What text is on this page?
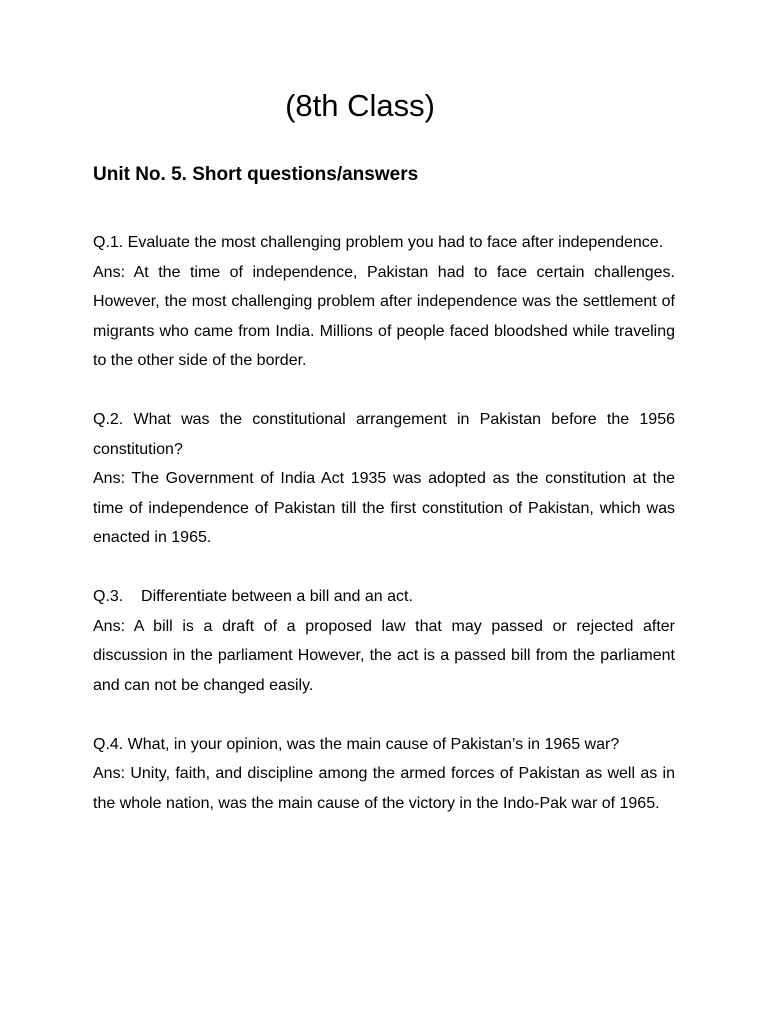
(8th Class)
Unit No. 5. Short questions/answers

Q.1. Evaluate the most challenging problem you had to face after independence.

Ans: At the time of independence, Pakistan had to face certain challenges. However, the most challenging problem after independence was the settlement of migrants who came from India. Millions of people faced bloodshed while traveling to the other side of the border.

Q.2. What was the constitutional arrangement in Pakistan before the 1956 constitution?

Ans: The Government of India Act 1935 was adopted as the constitution at the time of independence of Pakistan till the first constitution of Pakistan, which was enacted in 1965.

Q.3.    Differentiate between a bill and an act.

Ans: A bill is a draft of a proposed law that may passed or rejected after discussion in the parliament However, the act is a passed bill from the parliament and can not be changed easily.

Q.4. What, in your opinion, was the main cause of Pakistan’s in 1965 war?

Ans: Unity, faith, and discipline among the armed forces of Pakistan as well as in the whole nation, was the main cause of the victory in the Indo-Pak war of 1965.
